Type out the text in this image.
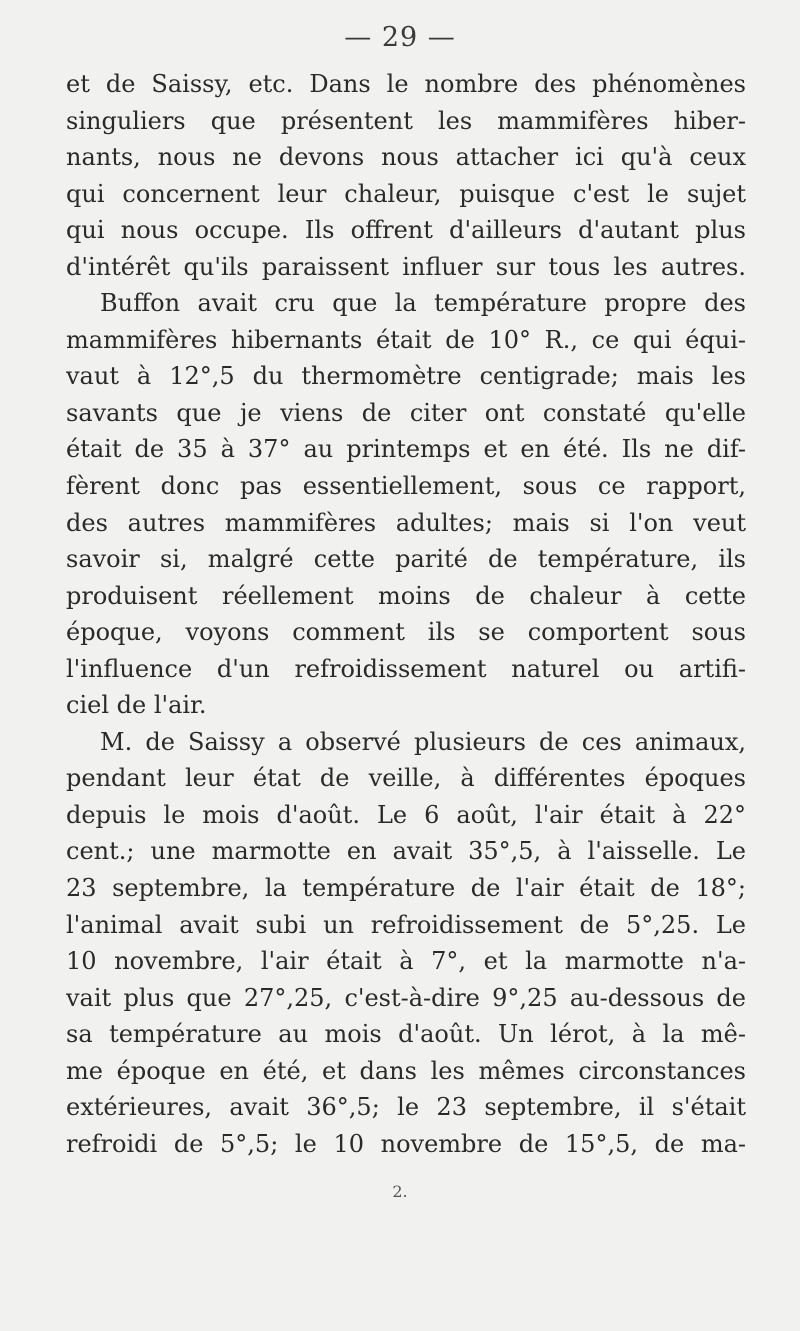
— 29 —
et de Saissy, etc. Dans le nombre des phénomènes
singuliers que présentent les mammifères hiber-
nants, nous ne devons nous attacher ici qu'à ceux
qui concernent leur chaleur, puisque c'est le sujet
qui nous occupe. Ils offrent d'ailleurs d'autant plus
d'intérêt qu'ils paraissent influer sur tous les autres.
Buffon avait cru que la température propre des
mammifères hibernants était de 10° R., ce qui équi-
vaut à 12°,5 du thermomètre centigrade; mais les
savants que je viens de citer ont constaté qu'elle
était de 35 à 37° au printemps et en été. Ils ne dif-
fèrent donc pas essentiellement, sous ce rapport,
des autres mammifères adultes; mais si l'on veut
savoir si, malgré cette parité de température, ils
produisent réellement moins de chaleur à cette
époque, voyons comment ils se comportent sous
l'influence d'un refroidissement naturel ou artifi-
ciel de l'air.
M. de Saissy a observé plusieurs de ces animaux,
pendant leur état de veille, à différentes époques
depuis le mois d'août. Le 6 août, l'air était à 22°
cent.; une marmotte en avait 35°,5, à l'aisselle. Le
23 septembre, la température de l'air était de 18°;
l'animal avait subi un refroidissement de 5°,25. Le
10 novembre, l'air était à 7°, et la marmotte n'a-
vait plus que 27°,25, c'est-à-dire 9°,25 au-dessous de
sa température au mois d'août. Un lérot, à la mê-
me époque en été, et dans les mêmes circonstances
extérieures, avait 36°,5; le 23 septembre, il s'était
refroidi de 5°,5; le 10 novembre de 15°,5, de ma-
2.
